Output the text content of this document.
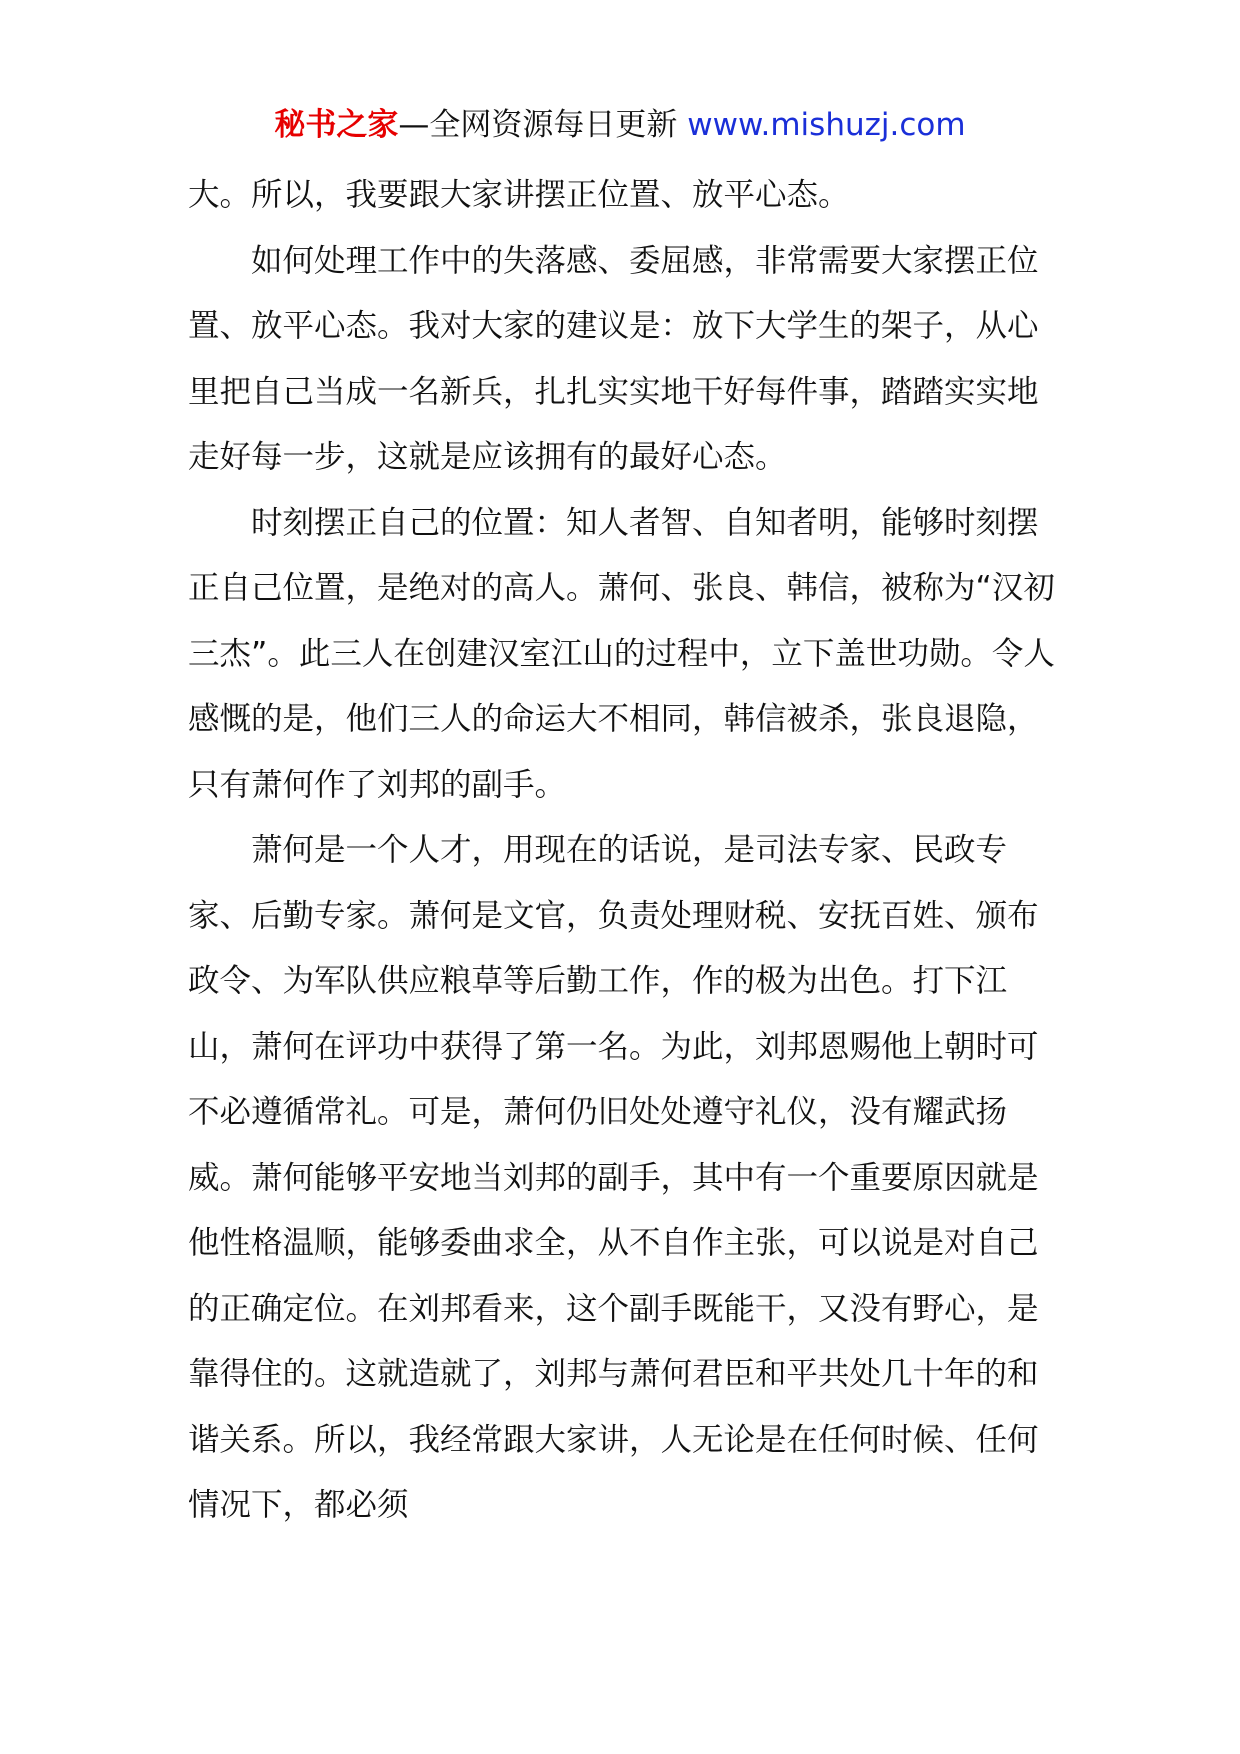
秘书之家—全网资源每日更新 www.mishuzj.com

大。所以，我要跟大家讲摆正位置、放平心态。

如何处理工作中的失落感、委屈感，非常需要大家摆正位置、放平心态。我对大家的建议是：放下大学生的架子，从心里把自己当成一名新兵，扎扎实实地干好每件事，踏踏实实地走好每一步，这就是应该拥有的最好心态。

时刻摆正自己的位置：知人者智、自知者明，能够时刻摆正自己位置，是绝对的高人。萧何、张良、韩信，被称为“汉初三杰”。此三人在创建汉室江山的过程中，立下盖世功勋。令人感慨的是，他们三人的命运大不相同，韩信被杀，张良退隐，只有萧何作了刘邦的副手。

萧何是一个人才，用现在的话说，是司法专家、民政专家、后勤专家。萧何是文官，负责处理财税、安抚百姓、颁布政令、为军队供应粮草等后勤工作，作的极为出色。打下江山，萧何在评功中获得了第一名。为此，刘邦恩赐他上朝时可不必遵循常礼。可是，萧何仍旧处处遵守礼仪，没有耀武扬威。萧何能够平安地当刘邦的副手，其中有一个重要原因就是他性格温顺，能够委曲求全，从不自作主张，可以说是对自己的正确定位。在刘邦看来，这个副手既能干，又没有野心，是靠得住的。这就造就了，刘邦与萧何君臣和平共处几十年的和谐关系。所以，我经常跟大家讲，人无论是在任何时候、任何情况下，都必须
